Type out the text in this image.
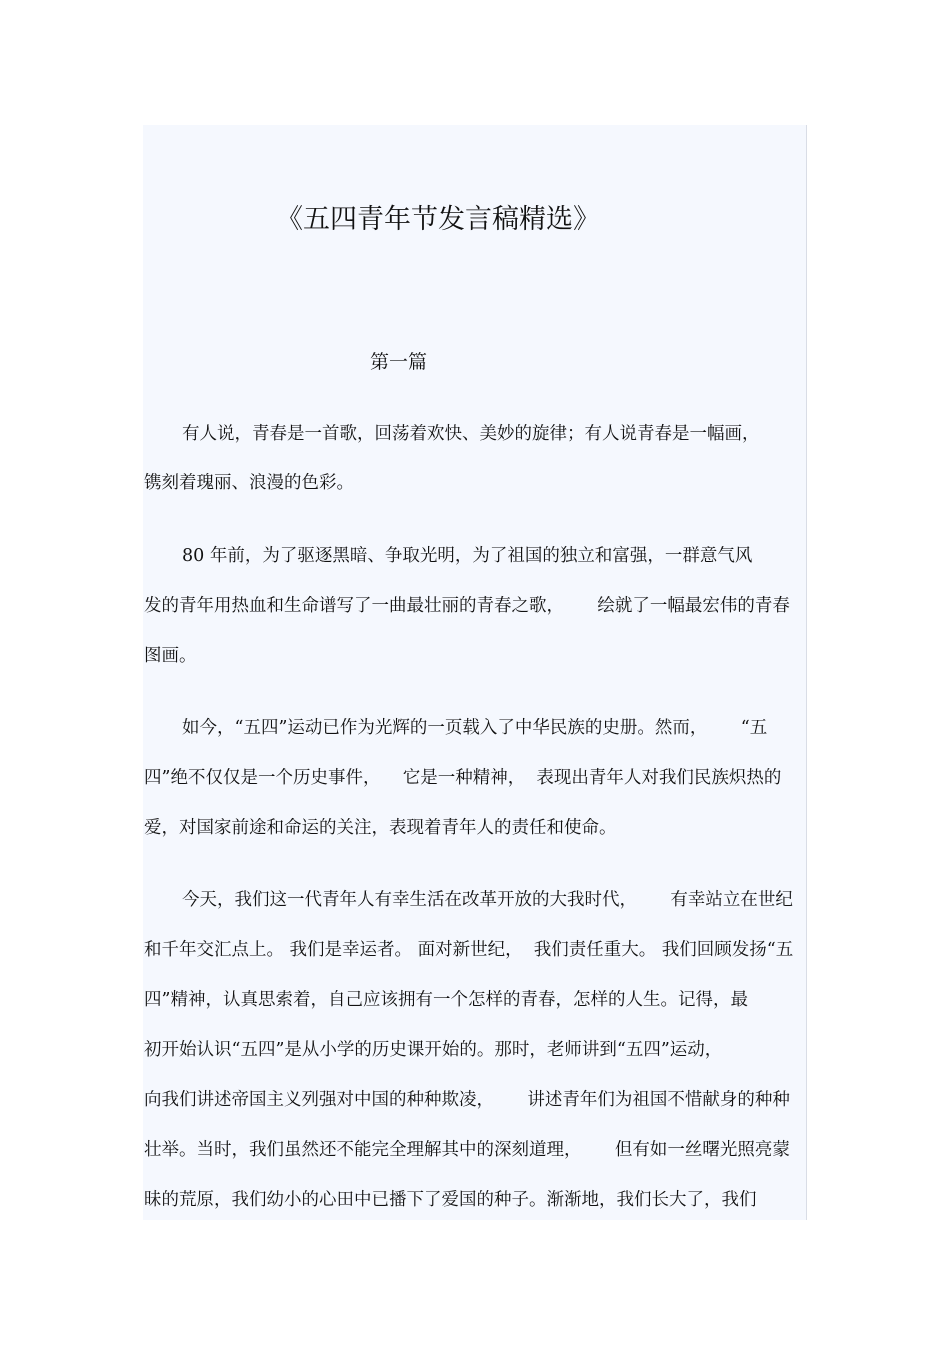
《五四青年节发言稿精选》
第一篇
有人说，青春是一首歌，回荡着欢快、美妙的旋律；有人说青春是一幅画，
镌刻着瑰丽、浪漫的色彩。
80 年前，为了驱逐黑暗、争取光明，为了祖国的独立和富强，一群意气风
发的青年用热血和生命谱写了一曲最壮丽的青春之歌，      绘就了一幅最宏伟的青春
图画。
如今，“五四”运动已作为光辉的一页载入了中华民族的史册。然而，      “五
四”绝不仅仅是一个历史事件，    它是一种精神，  表现出青年人对我们民族炽热的
爱，对国家前途和命运的关注，表现着青年人的责任和使命。
今天，我们这一代青年人有幸生活在改革开放的大我时代，      有幸站立在世纪
和千年交汇点上。 我们是幸运者。 面对新世纪，  我们责任重大。 我们回顾发扬“五
四”精神，认真思索着，自己应该拥有一个怎样的青春，怎样的人生。记得，最
初开始认识“五四”是从小学的历史课开始的。那时，老师讲到“五四”运动，
向我们讲述帝国主义列强对中国的种种欺凌，      讲述青年们为祖国不惜献身的种种
壮举。当时，我们虽然还不能完全理解其中的深刻道理，      但有如一丝曙光照亮蒙
昧的荒原，我们幼小的心田中已播下了爱国的种子。渐渐地，我们长大了，我们
